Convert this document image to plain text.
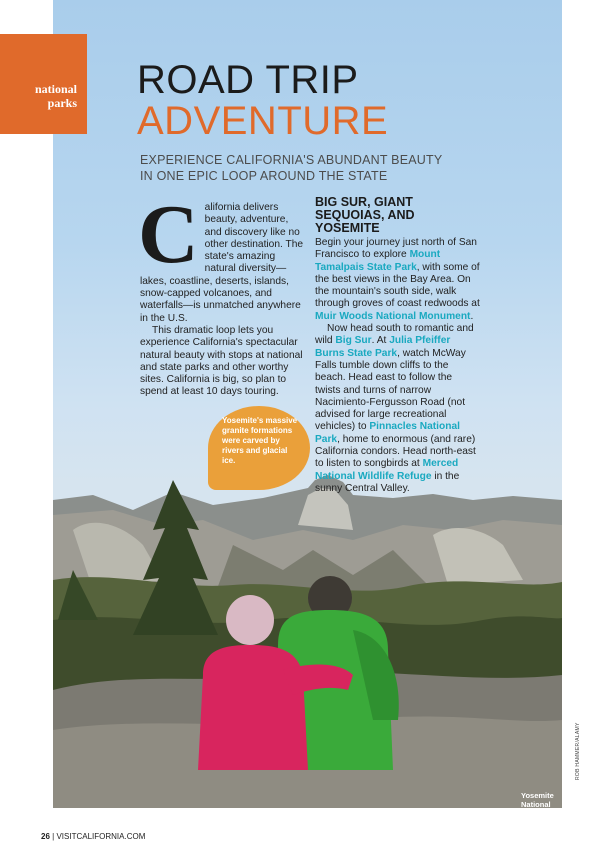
Yosemite National Park
national
parks
ROAD TRIP
ADVENTURE
EXPERIENCE CALIFORNIA'S ABUNDANT BEAUTY
IN ONE EPIC LOOP AROUND THE STATE

California delivers beauty, adventure, and discovery like no other destination. The state's amazing natural diversity—lakes, coastline, deserts, islands, snow-capped volcanoes, and waterfalls—is unmatched anywhere in the U.S.

This dramatic loop lets you experience California's spectacular natural beauty with stops at national and state parks and other worthy sites. California is big, so plan to spend at least 10 days touring.

BIG SUR, GIANT SEQUOIAS, AND YOSEMITE

Begin your journey just north of San Francisco to explore Mount Tamalpais State Park, with some of the best views in the Bay Area. On the mountain's south side, walk through groves of coast redwoods at Muir Woods National Monument.

Now head south to romantic and wild Big Sur. At Julia Pfeiffer Burns State Park, watch McWay Falls tumble down cliffs to the beach. Head east to follow the twists and turns of narrow Nacimiento-Fergusson Road (not advised for large recreational vehicles) to Pinnacles National Park, home to enormous (and rare) California condors. Head north-east to listen to songbirds at Merced National Wildlife Refuge in the sunny Central Valley.

Yosemite's massive granite formations were carved by rivers and glacial ice.
ROB HAMMER/ALAMY
26 | VISITCALIFORNIA.COM
